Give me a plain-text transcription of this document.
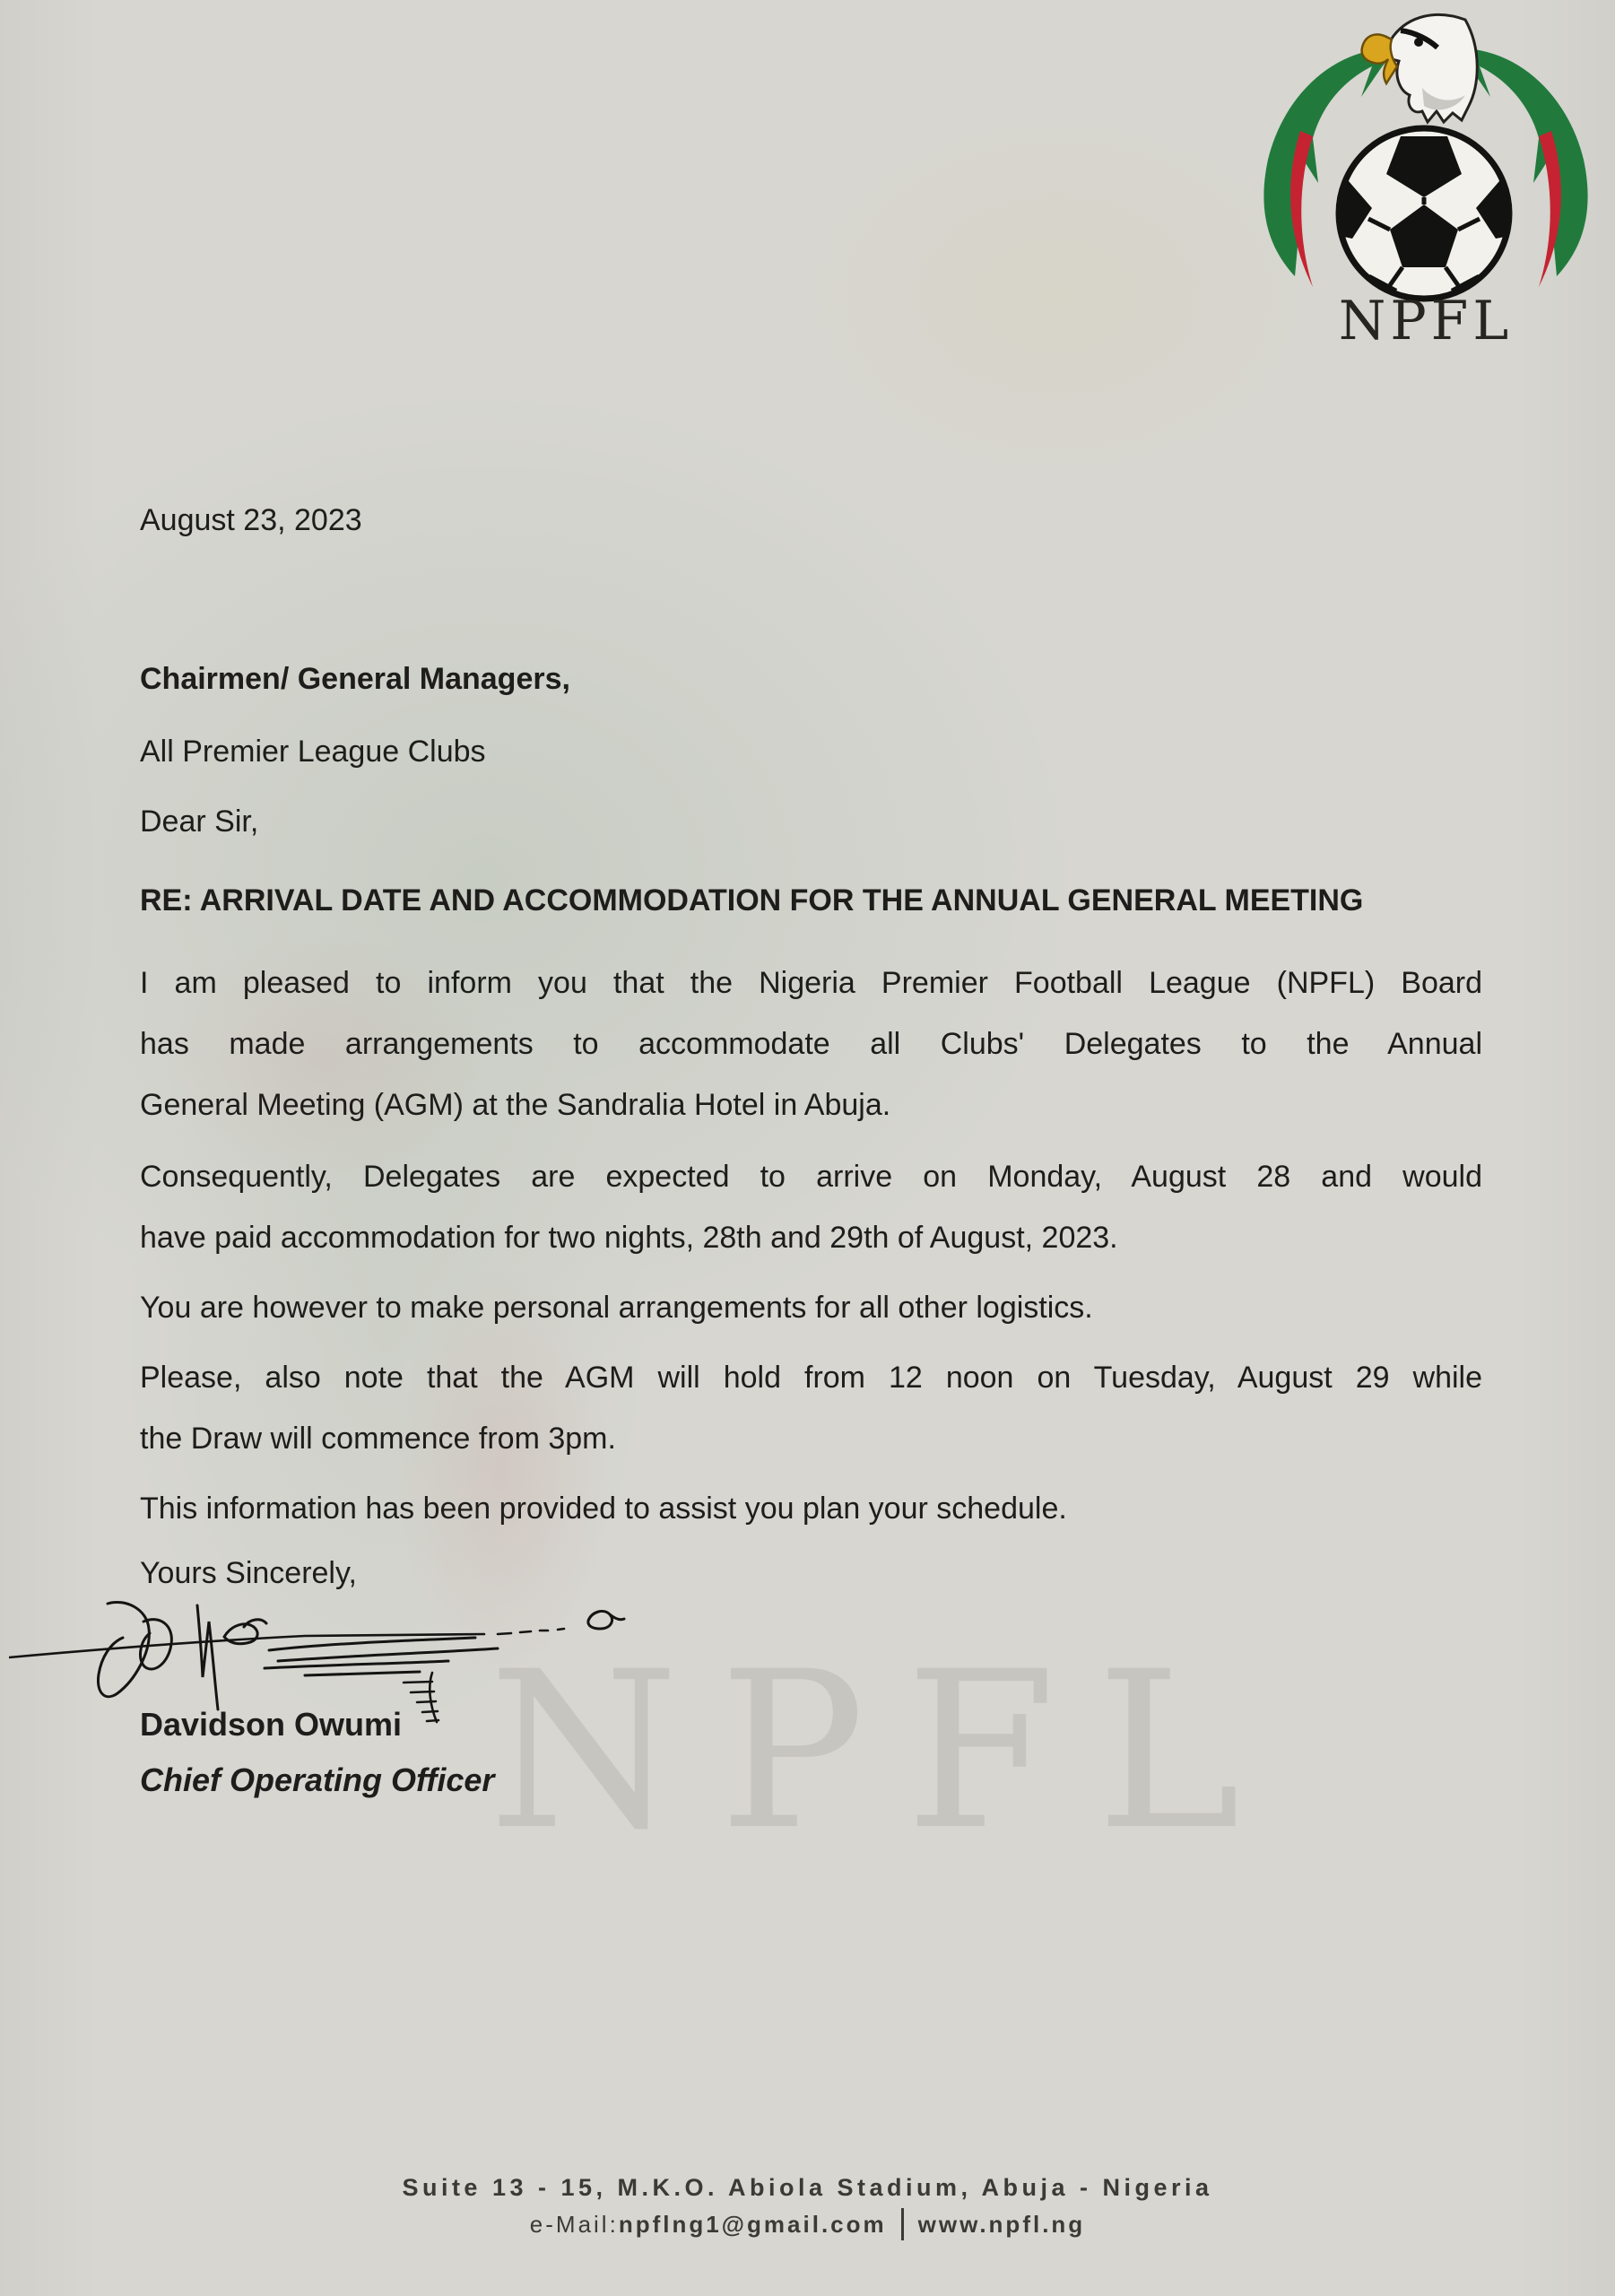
NPFL
August 23, 2023
Chairmen/ General Managers,
All Premier League Clubs
Dear Sir,
RE: ARRIVAL DATE AND ACCOMMODATION FOR THE ANNUAL GENERAL MEETING
I am pleased to inform you that the Nigeria Premier Football League (NPFL) Board
has made arrangements to accommodate all Clubs' Delegates to the Annual
General Meeting (AGM) at the Sandralia Hotel in Abuja.
Consequently, Delegates are expected to arrive on Monday, August 28 and would
have paid accommodation for two nights, 28th and 29th of August, 2023.
You are however to make personal arrangements for all other logistics.
Please, also note that the AGM will hold from 12 noon on Tuesday, August 29 while
the Draw will commence from 3pm.
This information has been provided to assist you plan your schedule.
Yours Sincerely,
NPFL
Davidson Owumi
Chief Operating Officer
Suite 13 - 15, M.K.O. Abiola Stadium, Abuja - Nigeria
e-Mail:npflng1@gmail.com www.npfl.ng
